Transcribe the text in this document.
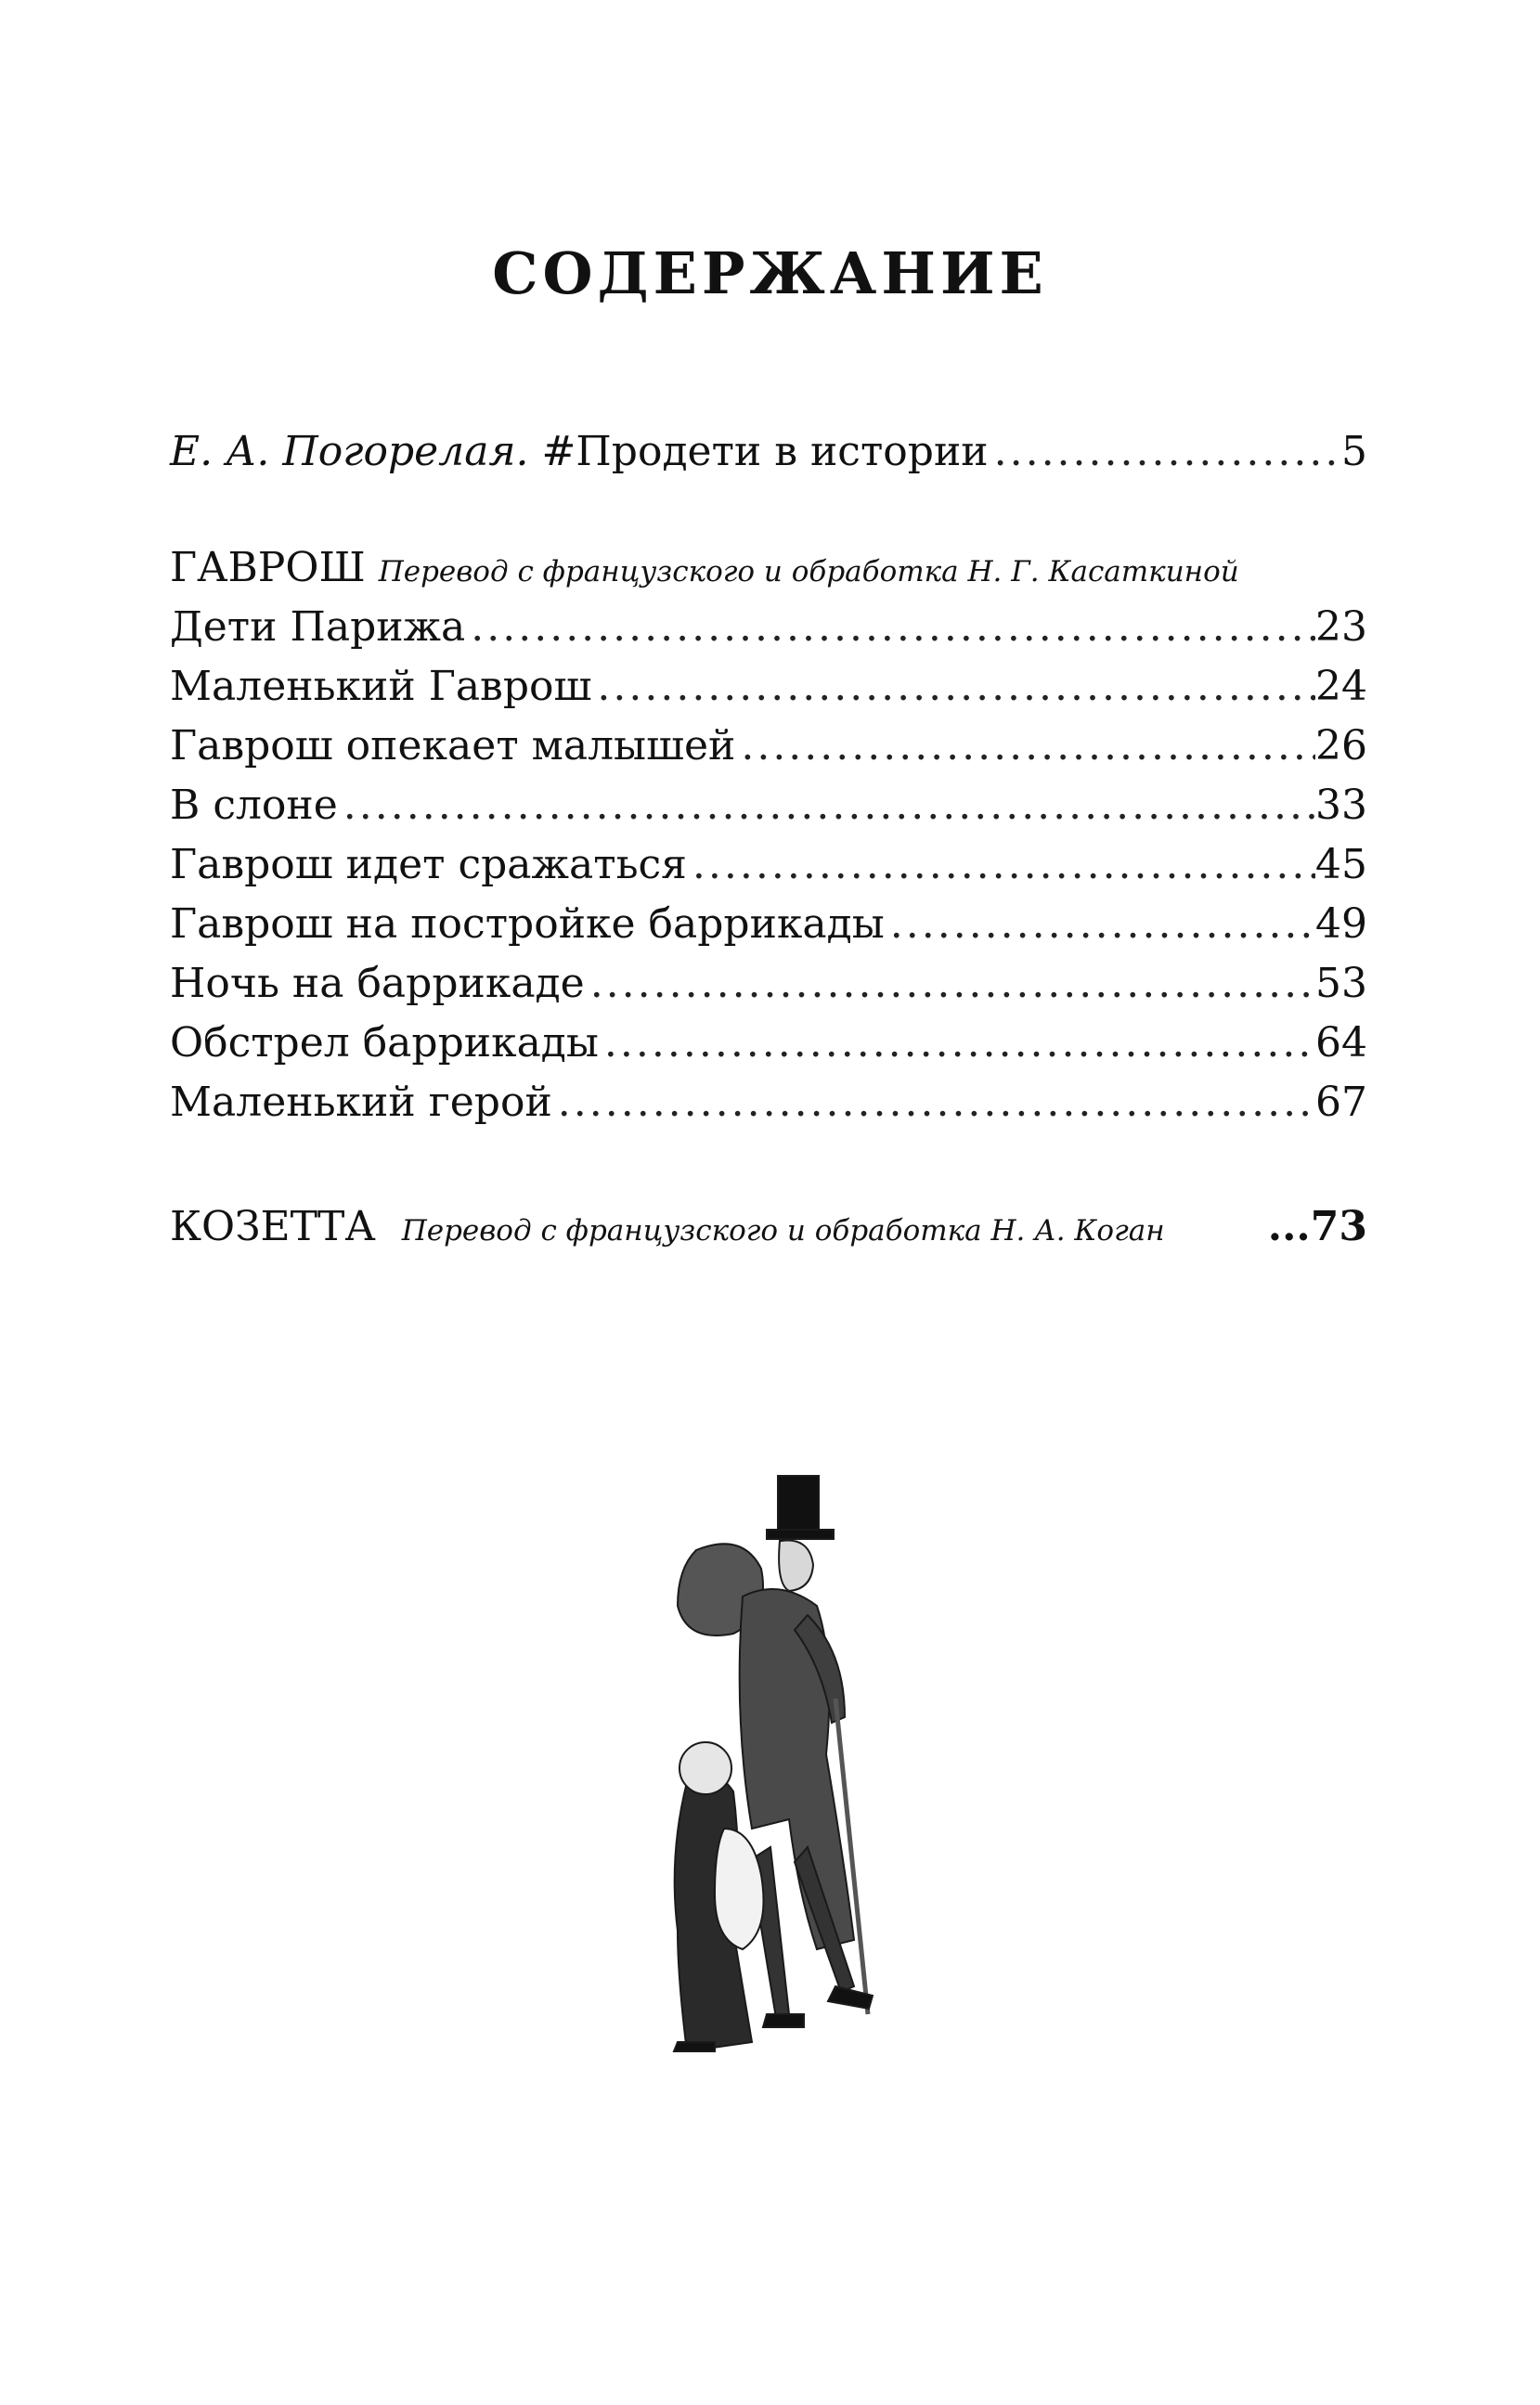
СОДЕРЖАНИЕ
Е. А. Погорелая. #Продети в истории .....	5
ГАВРОШ Перевод с французского и обработка Н. Г. Касаткиной
Дети Парижа .....	23
Маленький Гаврош .....	24
Гаврош опекает малышей .....	26
В слоне .....	33
Гаврош идет сражаться .....	45
Гаврош на постройке баррикады .....	49
Ночь на баррикаде .....	53
Обстрел баррикады .....	64
Маленький герой .....	67
КОЗЕТТА Перевод с французского и обработка Н. А. Коган	... 73
